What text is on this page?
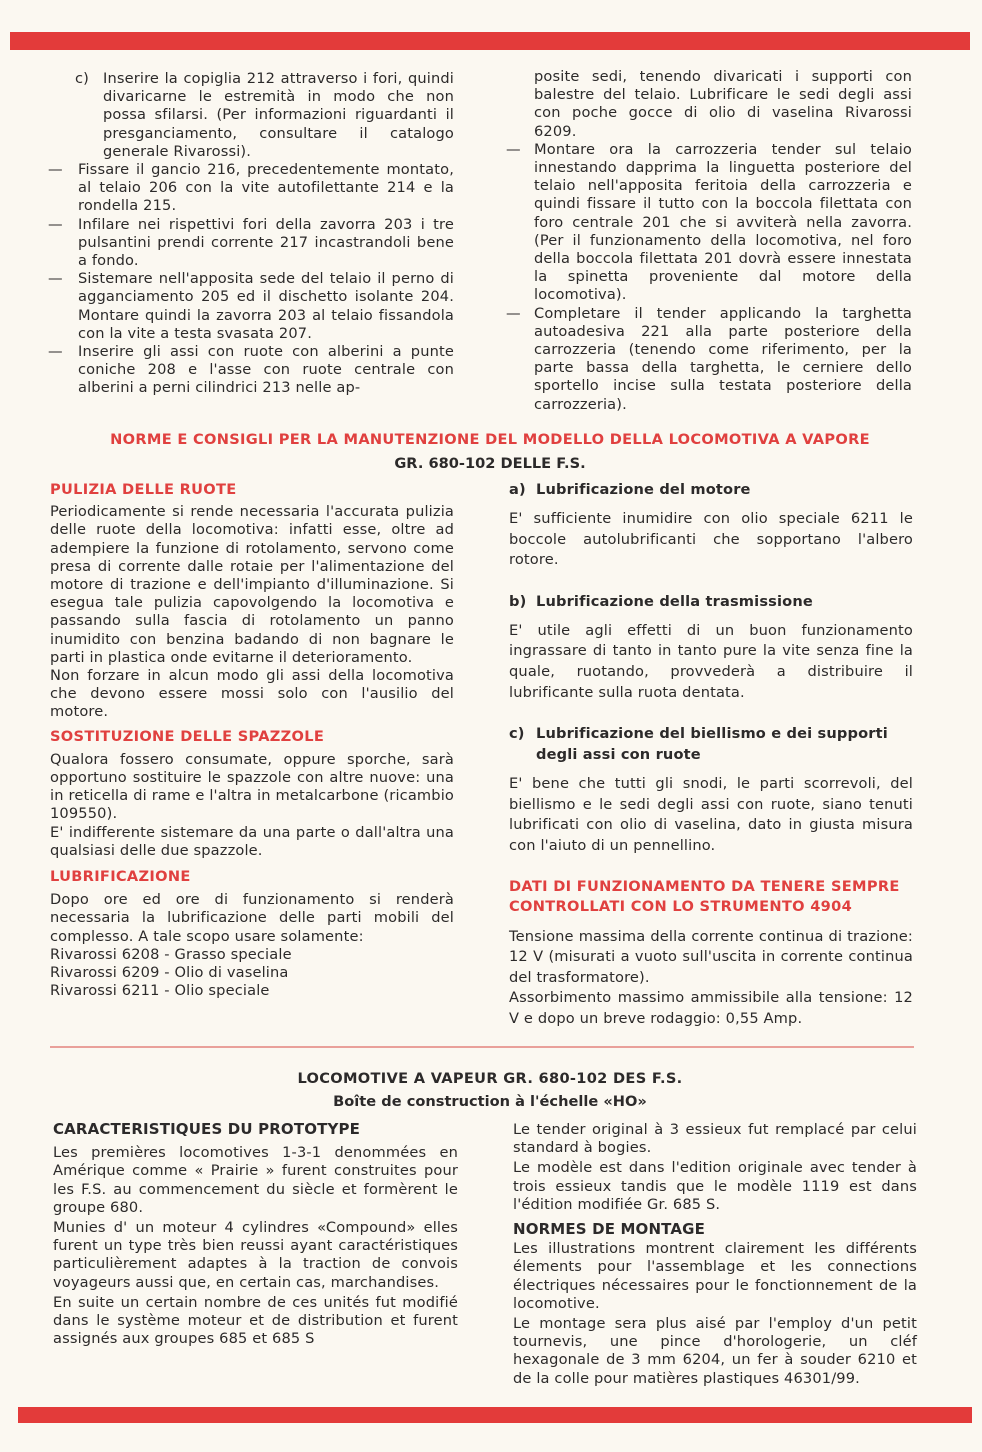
c) Inserire la copiglia 212 attraverso i fori, quindi divaricarne le estremità in modo che non possa sfilarsi. (Per informazioni riguardanti il presganciamento, consultare il catalogo generale Rivarossi).
—	Fissare il gancio 216, precedentemente montato, al telaio 206 con la vite autofilettante 214 e la rondella 215.
—	Infilare nei rispettivi fori della zavorra 203 i tre pulsantini prendi corrente 217 incastrandoli bene a fondo.
—	Sistemare nell'apposita sede del telaio il perno di agganciamento 205 ed il dischetto isolante 204. Montare quindi la zavorra 203 al telaio fissandola con la vite a testa svasata 207.
—	Inserire gli assi con ruote con alberini a punte coniche 208 e l'asse con ruote centrale con alberini a perni cilindrici 213 nelle ap-

posite sedi, tenendo divaricati i supporti con balestre del telaio. Lubrificare le sedi degli assi con poche gocce di olio di vaselina Rivarossi 6209.

— Montare ora la carrozzeria tender sul telaio innestando dapprima la linguetta posteriore del telaio nell'apposita feritoia della carrozzeria e quindi fissare il tutto con la boccola filettata con foro centrale 201 che si avviterà nella zavorra. (Per il funzionamento della locomotiva, nel foro della boccola filettata 201 dovrà essere innestata la spinetta proveniente dal motore della locomotiva).
— Completare il tender applicando la targhetta autoadesiva 221 alla parte posteriore della carrozzeria (tenendo come riferimento, per la parte bassa della targhetta, le cerniere dello sportello incise sulla testata posteriore della carrozzeria).
NORME E CONSIGLI PER LA MANUTENZIONE DEL MODELLO DELLA LOCOMOTIVA A VAPORE
GR. 680-102 DELLE F.S.
PULIZIA DELLE RUOTE

Periodicamente si rende necessaria l'accurata pulizia delle ruote della locomotiva: infatti esse, oltre ad adempiere la funzione di rotolamento, servono come presa di corrente dalle rotaie per l'alimentazione del motore di trazione e dell'impianto d'illuminazione. Si esegua tale pulizia capovolgendo la locomotiva e passando sulla fascia di rotolamento un panno inumidito con benzina badando di non bagnare le parti in plastica onde evitarne il deterioramento.

Non forzare in alcun modo gli assi della locomotiva che devono essere mossi solo con l'ausilio del motore.

SOSTITUZIONE DELLE SPAZZOLE

Qualora fossero consumate, oppure sporche, sarà opportuno sostituire le spazzole con altre nuove: una in reticella di rame e l'altra in metalcarbone (ricambio 109550).

E' indifferente sistemare da una parte o dall'altra una qualsiasi delle due spazzole.

LUBRIFICAZIONE

Dopo ore ed ore di funzionamento si renderà necessaria la lubrificazione delle parti mobili del complesso. A tale scopo usare solamente:

Rivarossi 6208 - Grasso speciale
Rivarossi 6209 - Olio di vaselina
Rivarossi 6211 - Olio speciale
a) Lubrificazione del motore

E' sufficiente inumidire con olio speciale 6211 le boccole autolubrificanti che sopportano l'albero rotore.

b) Lubrificazione della trasmissione

E' utile agli effetti di un buon funzionamento ingrassare di tanto in tanto pure la vite senza fine la quale, ruotando, provvederà a distribuire il lubrificante sulla ruota dentata.

c) Lubrificazione del biellismo e dei supporti
degli assi con ruote

E' bene che tutti gli snodi, le parti scorrevoli, del biellismo e le sedi degli assi con ruote, siano tenuti lubrificati con olio di vaselina, dato in giusta misura con l'aiuto di un pennellino.

DATI DI FUNZIONAMENTO DA TENERE SEMPRE
CONTROLLATI CON LO STRUMENTO 4904

Tensione massima della corrente continua di trazione: 12 V (misurati a vuoto sull'uscita in corrente continua del trasformatore).

Assorbimento massimo ammissibile alla tensione: 12 V e dopo un breve rodaggio: 0,55 Amp.

LOCOMOTIVE A VAPEUR GR. 680-102 DES F.S.
Boîte de construction à l'échelle «HO»
CARACTERISTIQUES DU PROTOTYPE

Les premières locomotives 1-3-1 denommées en Amérique comme « Prairie » furent construites pour les F.S. au commencement du siècle et formèrent le groupe 680.

Munies d' un moteur 4 cylindres «Compound» elles furent un type très bien reussi ayant caractéristiques particulièrement adaptes à la traction de convois voyageurs aussi que, en certain cas, marchandises.

En suite un certain nombre de ces unités fut modifié dans le système moteur et de distribution et furent assignés aux groupes 685 et 685 S

Le tender original à 3 essieux fut remplacé par celui standard à bogies.

Le modèle est dans l'edition originale avec tender à trois essieux tandis que le modèle 1119 est dans l'édition modifiée Gr. 685 S.

NORMES DE MONTAGE

Les illustrations montrent clairement les différents élements pour l'assemblage et les connections électriques nécessaires pour le fonctionnement de la locomotive.

Le montage sera plus aisé par l'employ d'un petit tournevis, une pince d'horologerie, un cléf hexagonale de 3 mm 6204, un fer à souder 6210 et de la colle pour matières plastiques 46301/99.
